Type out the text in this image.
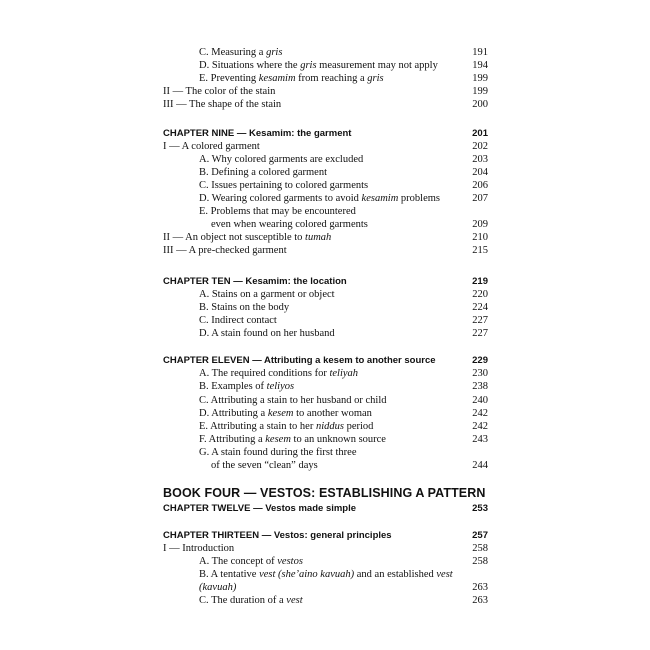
C. Measuring a gris	191
D. Situations where the gris measurement may not apply	194
E. Preventing kesamim from reaching a gris	199
II — The color of the stain	199
III — The shape of the stain	200
CHAPTER NINE — Kesamim: the garment	201
I — A colored garment	202
A. Why colored garments are excluded	203
B. Defining a colored garment	204
C. Issues pertaining to colored garments	206
D. Wearing colored garments to avoid kesamim problems	207
E. Problems that may be encountered
even when wearing colored garments	209
II — An object not susceptible to tumah	210
III — A pre-checked garment	215
CHAPTER TEN — Kesamim: the location	219
A. Stains on a garment or object	220
B. Stains on the body	224
C. Indirect contact	227
D. A stain found on her husband	227
CHAPTER ELEVEN — Attributing a kesem to another source	229
A. The required conditions for teliyah	230
B. Examples of teliyos	238
C. Attributing a stain to her husband or child	240
D. Attributing a kesem to another woman	242
E. Attributing a stain to her niddus period	242
F. Attributing a kesem to an unknown source	243
G. A stain found during the first three
of the seven “clean” days	244
BOOK FOUR — VESTOS: ESTABLISHING A PATTERN
CHAPTER TWELVE — Vestos made simple	253
CHAPTER THIRTEEN — Vestos: general principles	257
I — Introduction	258
A. The concept of vestos	258
B. A tentative vest (she’aino kavuah) and an established vest
(kavuah)	263
C. The duration of a vest	263
